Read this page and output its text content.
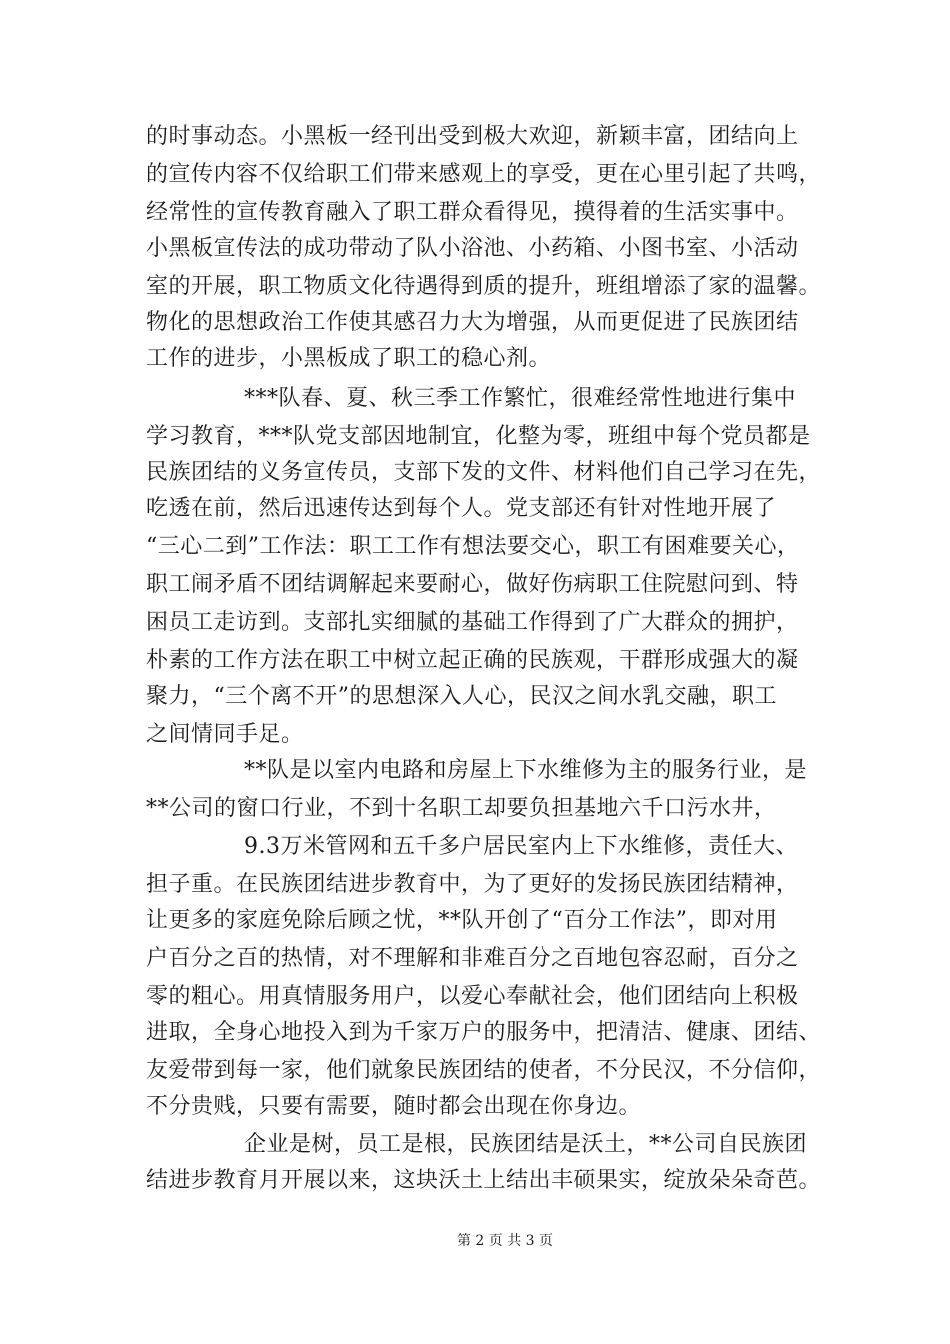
的时事动态。小黑板一经刊出受到极大欢迎，新颖丰富，团结向上
的宣传内容不仅给职工们带来感观上的享受，更在心里引起了共鸣，
经常性的宣传教育融入了职工群众看得见，摸得着的生活实事中。
小黑板宣传法的成功带动了队小浴池、小药箱、小图书室、小活动
室的开展，职工物质文化待遇得到质的提升，班组增添了家的温馨。
物化的思想政治工作使其感召力大为增强，从而更促进了民族团结
工作的进步，小黑板成了职工的稳心剂。
***队春、夏、秋三季工作繁忙，很难经常性地进行集中
学习教育，***队党支部因地制宜，化整为零，班组中每个党员都是
民族团结的义务宣传员，支部下发的文件、材料他们自己学习在先，
吃透在前，然后迅速传达到每个人。党支部还有针对性地开展了
“三心二到”工作法：职工工作有想法要交心，职工有困难要关心，
职工闹矛盾不团结调解起来要耐心，做好伤病职工住院慰问到、特
困员工走访到。支部扎实细腻的基础工作得到了广大群众的拥护，
朴素的工作方法在职工中树立起正确的民族观，干群形成强大的凝
聚力，“三个离不开”的思想深入人心，民汉之间水乳交融，职工
之间情同手足。
**队是以室内电路和房屋上下水维修为主的服务行业，是
**公司的窗口行业，不到十名职工却要负担基地六千口污水井，
9.3万米管网和五千多户居民室内上下水维修，责任大、
担子重。在民族团结进步教育中，为了更好的发扬民族团结精神，
让更多的家庭免除后顾之忧，**队开创了“百分工作法”，即对用
户百分之百的热情，对不理解和非难百分之百地包容忍耐，百分之
零的粗心。用真情服务用户，以爱心奉献社会，他们团结向上积极
进取，全身心地投入到为千家万户的服务中，把清洁、健康、团结、
友爱带到每一家，他们就象民族团结的使者，不分民汉，不分信仰，
不分贵贱，只要有需要，随时都会出现在你身边。
企业是树，员工是根，民族团结是沃土，**公司自民族团
结进步教育月开展以来，这块沃土上结出丰硕果实，绽放朵朵奇芭。
第 2 页 共 3 页
